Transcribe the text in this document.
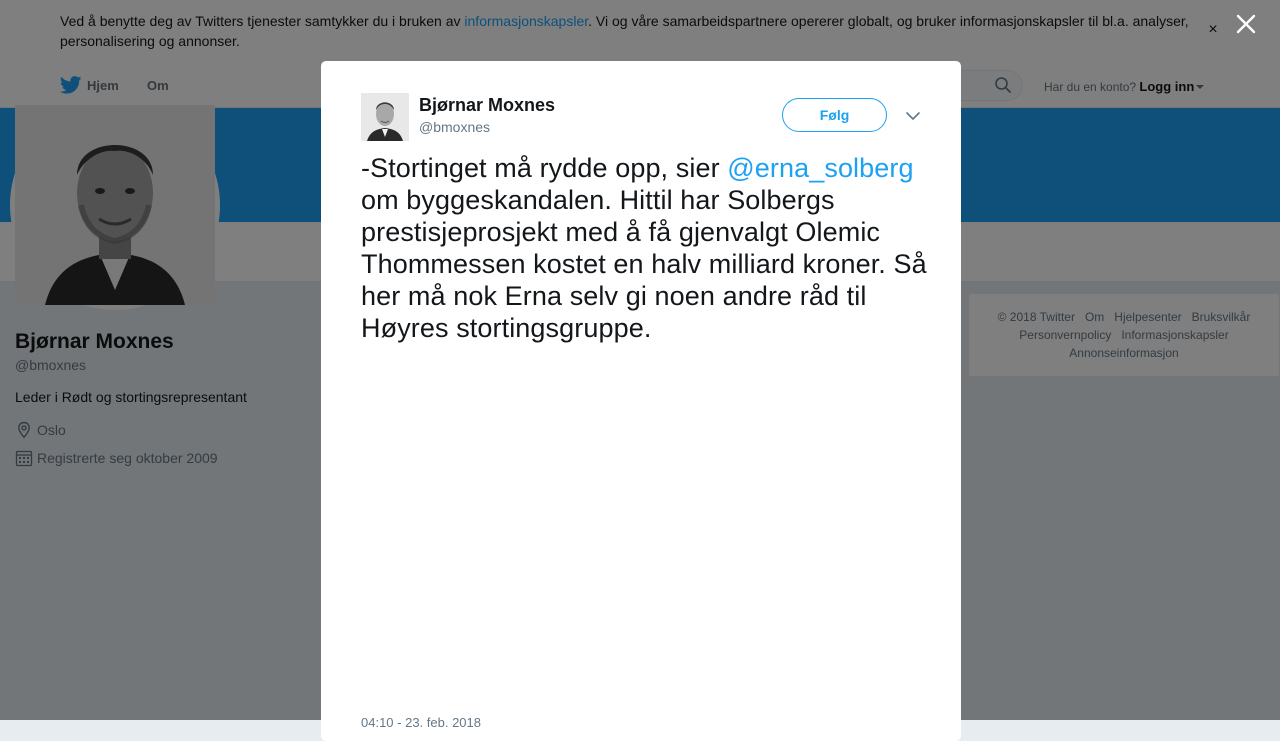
Bjørnar Moxnes
@bmoxnes
Følg
-Stortinget må rydde opp, sier @erna_solberg om byggeskandalen. Hittil har Solbergs prestisjeprosjekt med å få gjenvalgt Olemic Thommessen kostet en halv milliard kroner. Så her må nok Erna selv gi noen andre råd til Høyres stortingsgruppe.
04:10 - 23. feb. 2018
